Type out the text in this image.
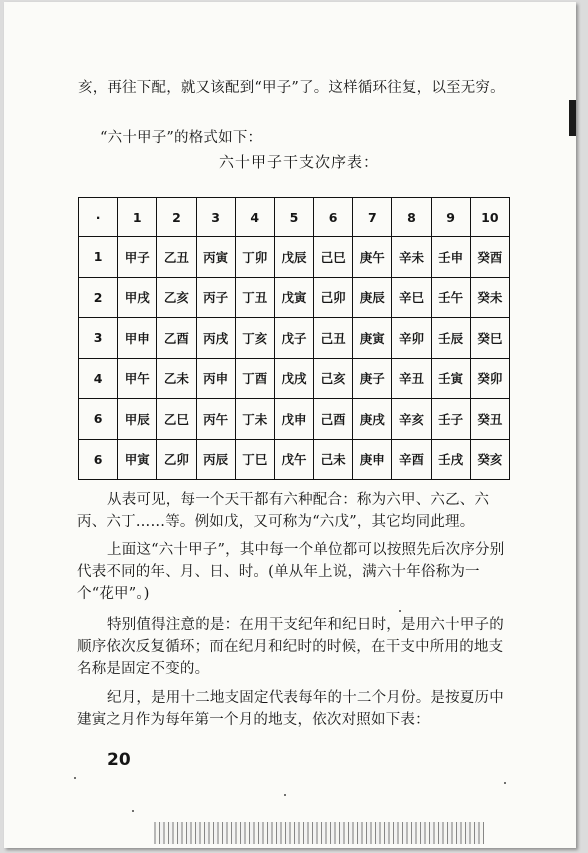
亥，再往下配，就又该配到“甲子”了。这样循环往复，以至无穷。

“六十甲子”的格式如下：

六十甲子干支次序表：

·	1	2	3	4	5	6	7	8	9	10
1	甲子	乙丑	丙寅	丁卯	戊辰	己巳	庚午	辛未	壬申	癸酉
2	甲戌	乙亥	丙子	丁丑	戊寅	己卯	庚辰	辛巳	壬午	癸未
3	甲申	乙酉	丙戌	丁亥	戊子	己丑	庚寅	辛卯	壬辰	癸巳
4	甲午	乙未	丙申	丁酉	戊戌	己亥	庚子	辛丑	壬寅	癸卯
6	甲辰	乙巳	丙午	丁未	戊申	己酉	庚戌	辛亥	壬子	癸丑
6	甲寅	乙卯	丙辰	丁巳	戊午	己未	庚申	辛酉	壬戌	癸亥

从表可见，每一个天干都有六种配合：称为六甲、六乙、六丙、六丁……等。例如戊，又可称为“六戊”，其它均同此理。

上面这“六十甲子”，其中每一个单位都可以按照先后次序分别代表不同的年、月、日、时。(单从年上说，满六十年俗称为一个“花甲”。)

特别值得注意的是：在用干支纪年和纪日时，是用六十甲子的顺序依次反复循环；而在纪月和纪时的时候，在干支中所用的地支名称是固定不变的。

纪月，是用十二地支固定代表每年的十二个月份。是按夏历中建寅之月作为每年第一个月的地支，依次对照如下表：

20
